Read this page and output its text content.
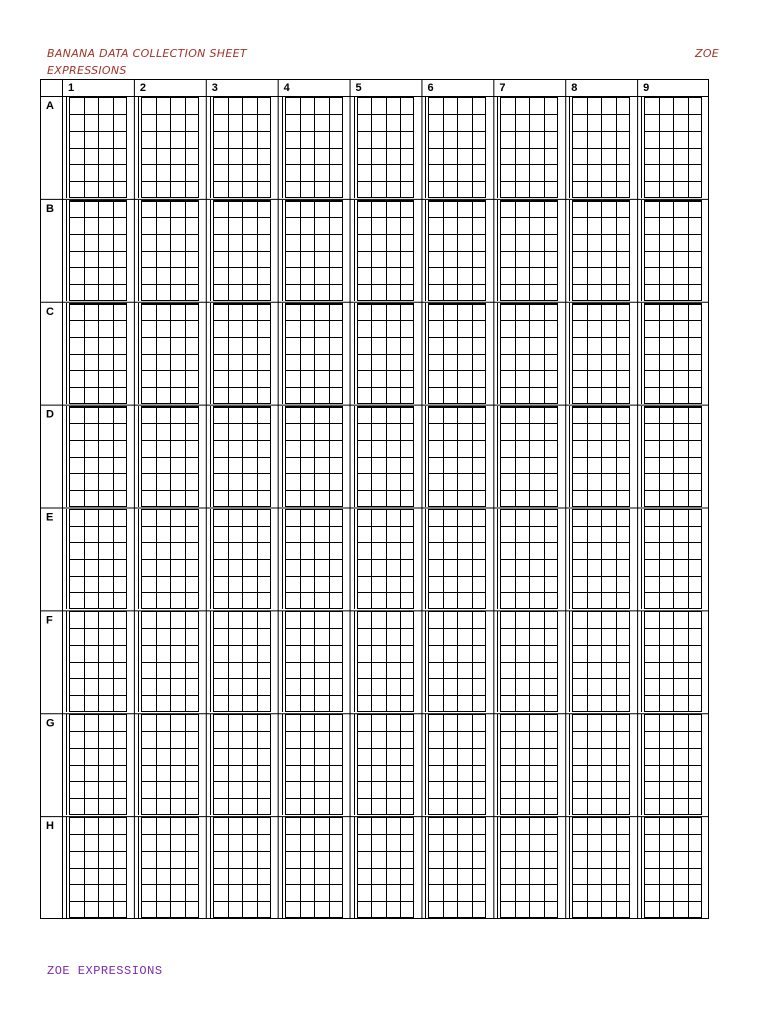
BANANA DATA COLLECTION SHEET
EXPRESSIONS
ZOE
1	2	3	4	5	6	7	8	9
A
B
C
D
E
F
G
H
ZOE EXPRESSIONS
